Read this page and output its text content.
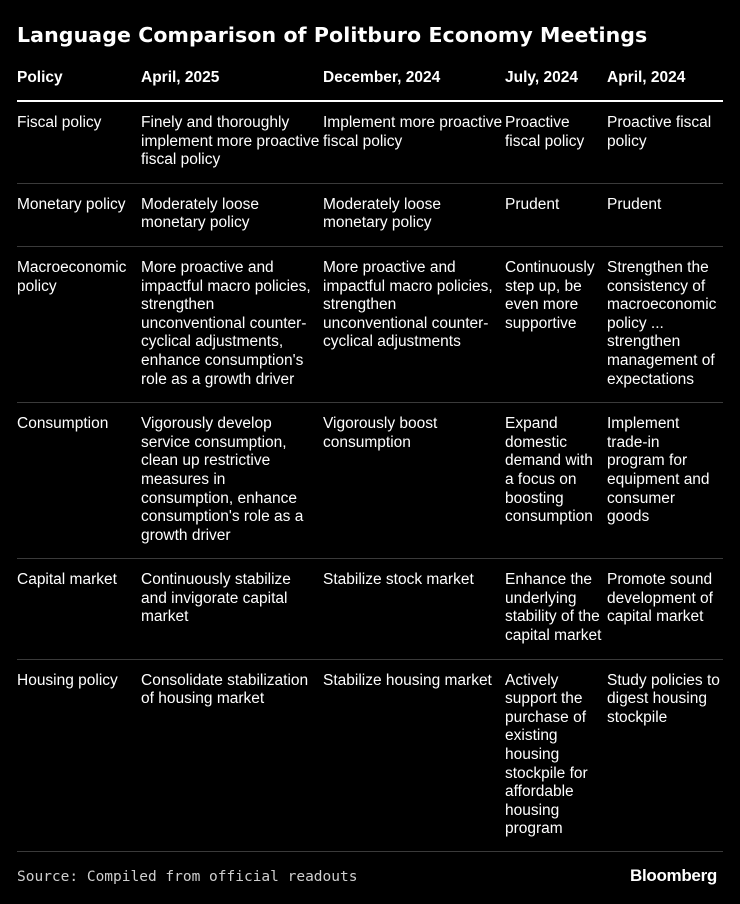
Language Comparison of Politburo Economy Meetings
Policy	April, 2025	December, 2024	July, 2024	April, 2024
Fiscal policy	Finely and thoroughly implement more proactive fiscal policy	Implement more proactive fiscal policy	Proactive fiscal policy	Proactive fiscal policy
Monetary policy	Moderately loose monetary policy	Moderately loose monetary policy	Prudent	Prudent
Macroeconomic policy	More proactive and impactful macro policies, strengthen unconventional counter-cyclical adjustments, enhance consumption's role as a growth driver	More proactive and impactful macro policies, strengthen unconventional counter-cyclical adjustments	Continuously step up, be even more supportive	Strengthen the consistency of macroeconomic policy ... strengthen management of expectations
Consumption	Vigorously develop service consumption, clean up restrictive measures in consumption, enhance consumption's role as a growth driver	Vigorously boost consumption	Expand domestic demand with a focus on boosting consumption	Implement trade-in program for equipment and consumer goods
Capital market	Continuously stabilize and invigorate capital market	Stabilize stock market	Enhance the underlying stability of the capital market	Promote sound development of capital market
Housing policy	Consolidate stabilization of housing market	Stabilize housing market	Actively support the purchase of existing housing stockpile for affordable housing program	Study policies to digest housing stockpile
Source: Compiled from official readouts	Bloomberg
